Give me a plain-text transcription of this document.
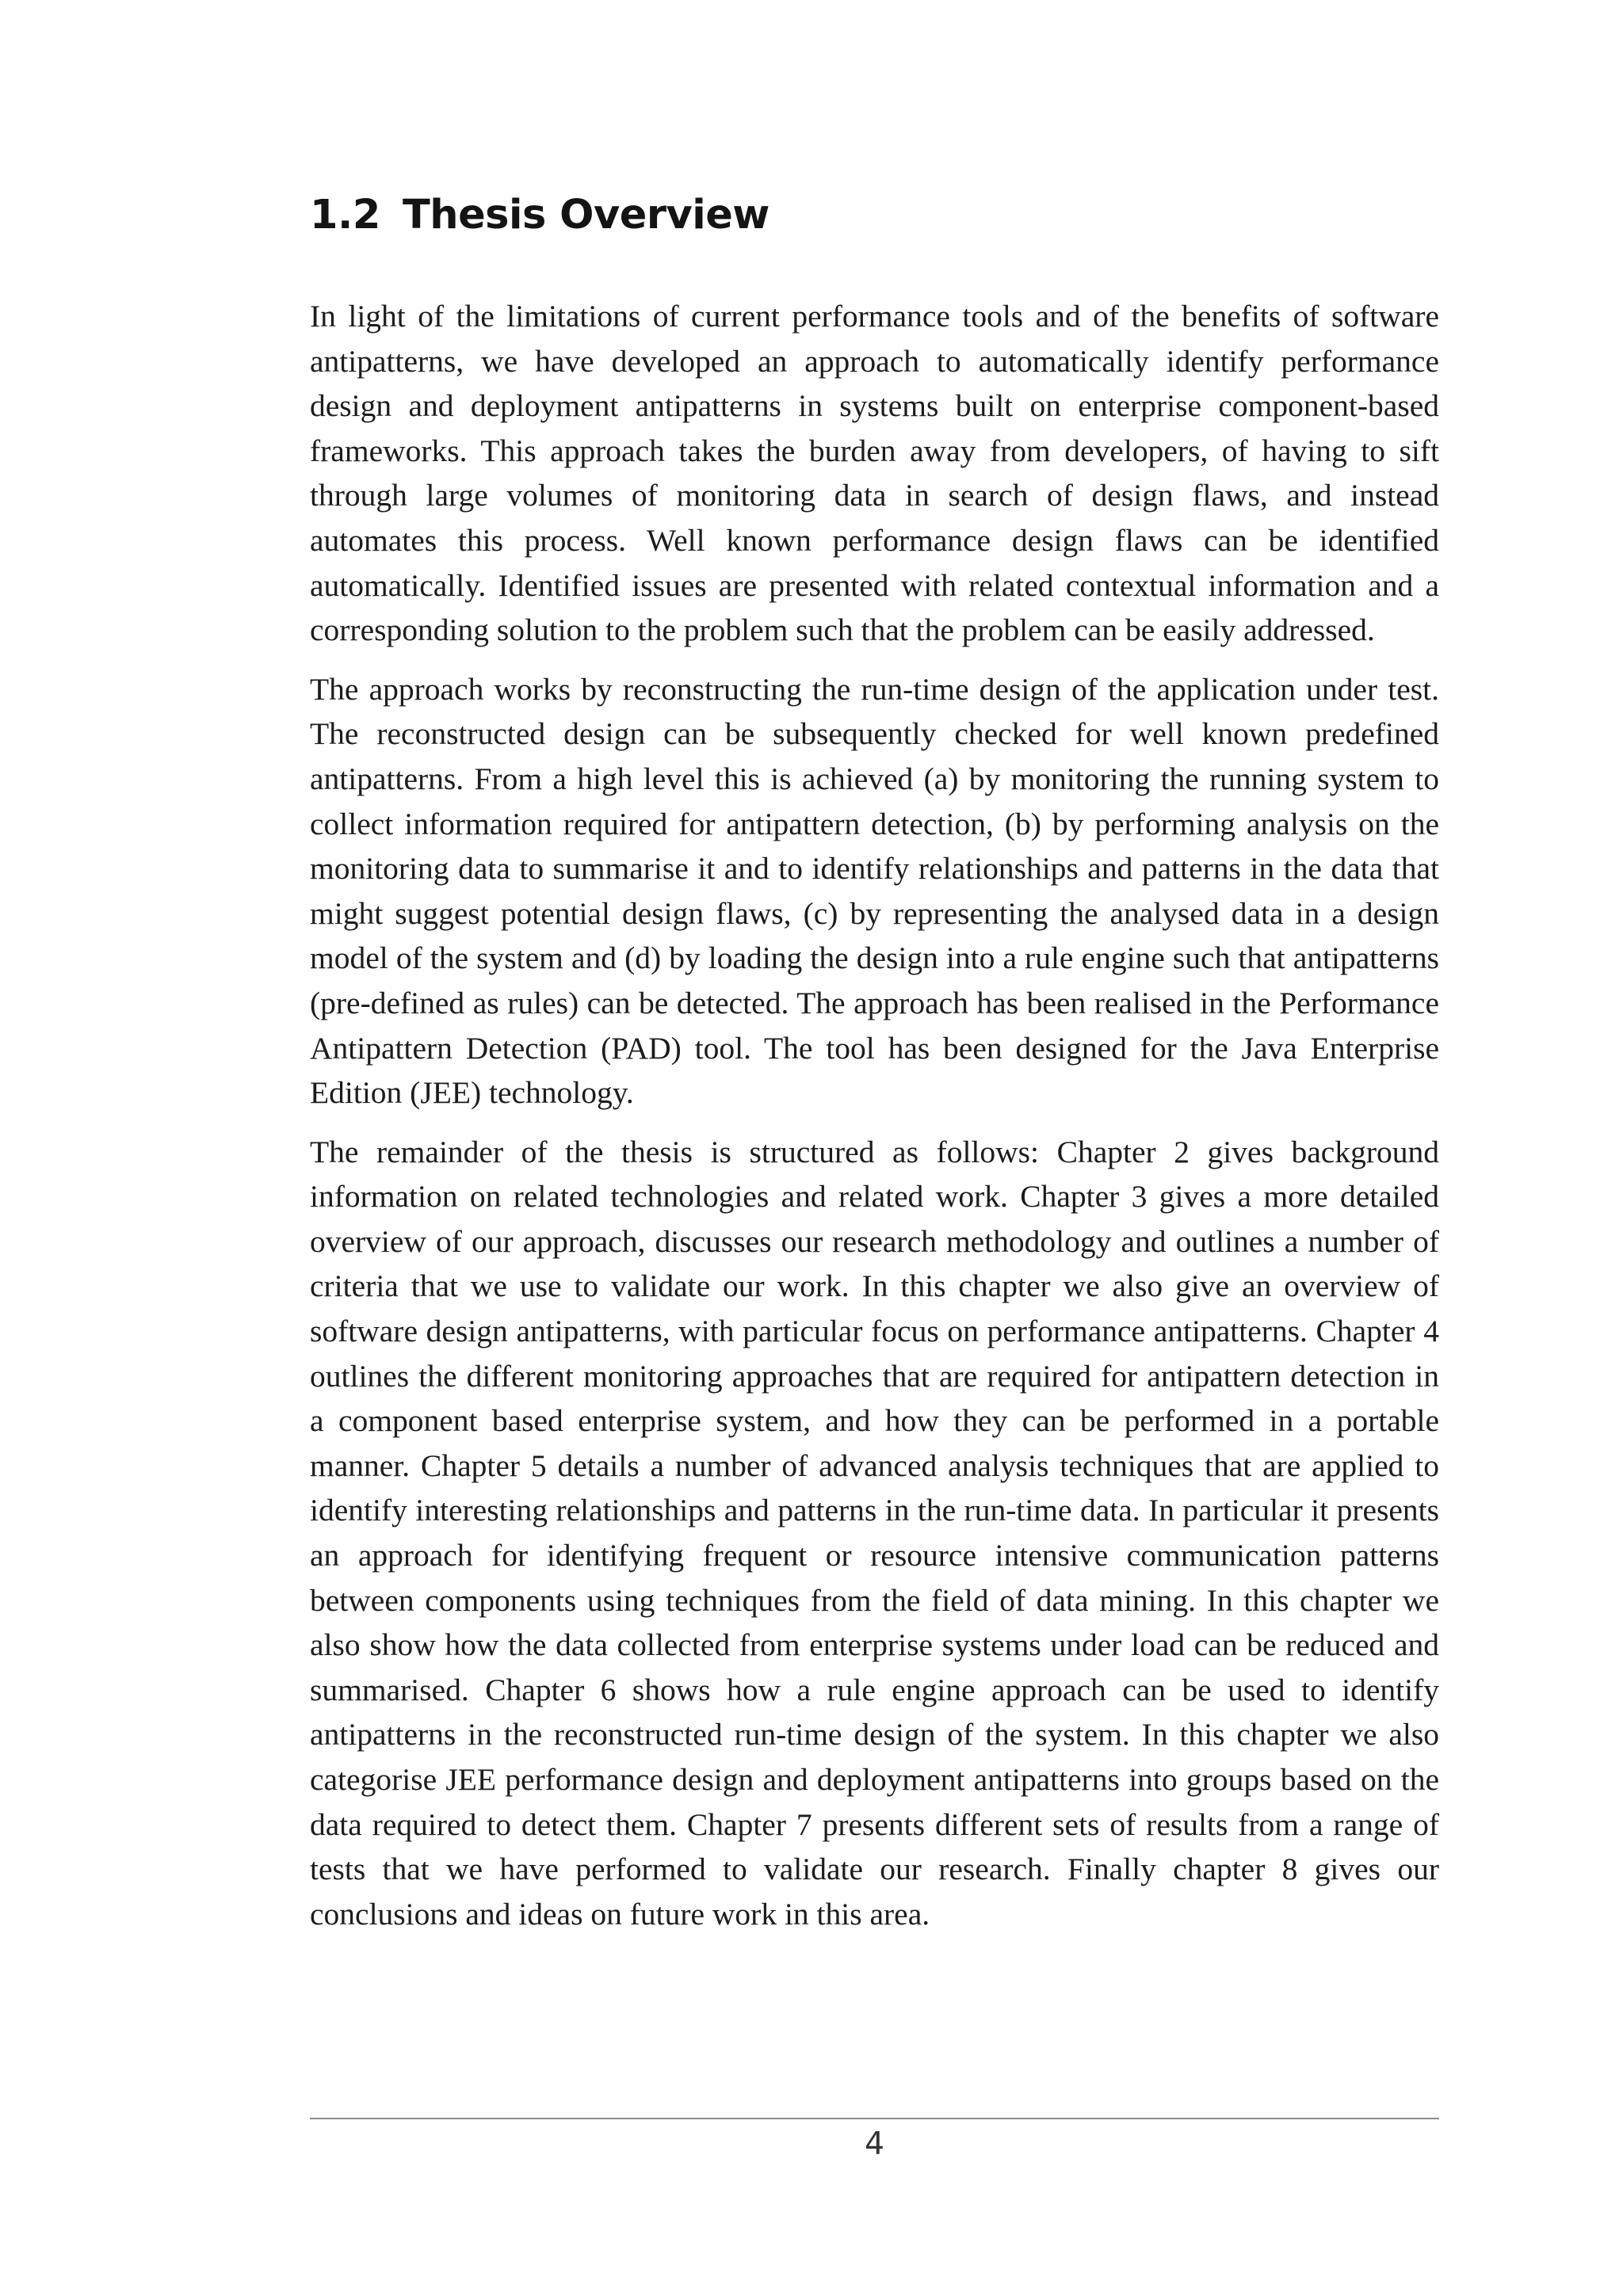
1.2 Thesis Overview

In light of the limitations of current performance tools and of the benefits of software antipatterns, we have developed an approach to automatically identify performance design and deployment antipatterns in systems built on enterprise component-based frameworks. This approach takes the burden away from developers, of having to sift through large volumes of monitoring data in search of design flaws, and instead automates this process. Well known performance design flaws can be identified automatically. Identified issues are presented with related contextual information and a corresponding solution to the problem such that the problem can be easily addressed.

The approach works by reconstructing the run-time design of the application under test. The reconstructed design can be subsequently checked for well known predefined antipatterns. From a high level this is achieved (a) by monitoring the running system to collect information required for antipattern detection, (b) by performing analysis on the monitoring data to summarise it and to identify relationships and patterns in the data that might suggest potential design flaws, (c) by representing the analysed data in a design model of the system and (d) by loading the design into a rule engine such that antipatterns (pre-defined as rules) can be detected. The approach has been realised in the Performance Antipattern Detection (PAD) tool. The tool has been designed for the Java Enterprise Edition (JEE) technology.

The remainder of the thesis is structured as follows: Chapter 2 gives background information on related technologies and related work. Chapter 3 gives a more detailed overview of our approach, discusses our research methodology and outlines a number of criteria that we use to validate our work. In this chapter we also give an overview of software design antipatterns, with particular focus on performance antipatterns. Chapter 4 outlines the different monitoring approaches that are required for antipattern detection in a component based enterprise system, and how they can be performed in a portable manner. Chapter 5 details a number of advanced analysis techniques that are applied to identify interesting relationships and patterns in the run-time data. In particular it presents an approach for identifying frequent or resource intensive communication patterns between components using techniques from the field of data mining. In this chapter we also show how the data collected from enterprise systems under load can be reduced and summarised. Chapter 6 shows how a rule engine approach can be used to identify antipatterns in the reconstructed run-time design of the system. In this chapter we also categorise JEE performance design and deployment antipatterns into groups based on the data required to detect them. Chapter 7 presents different sets of results from a range of tests that we have performed to validate our research. Finally chapter 8 gives our conclusions and ideas on future work in this area.

4
